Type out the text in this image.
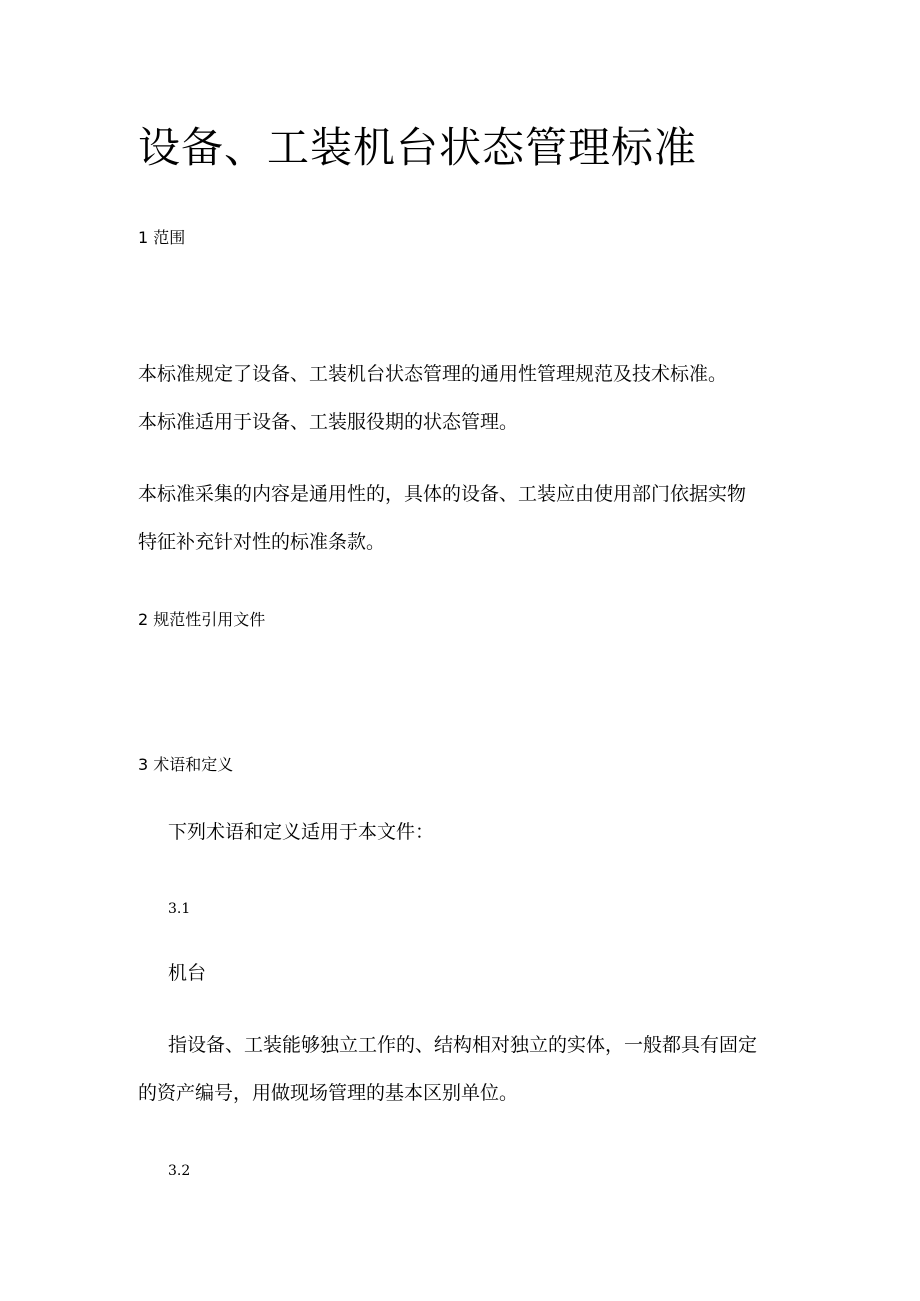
设备、工装机台状态管理标准
1 范围
本标准规定了设备、工装机台状态管理的通用性管理规范及技术标准。
本标准适用于设备、工装服役期的状态管理。
本标准采集的内容是通用性的，具体的设备、工装应由使用部门依据实物
特征补充针对性的标准条款。
2 规范性引用文件
3 术语和定义
下列术语和定义适用于本文件：
3.1
机台
指设备、工装能够独立工作的、结构相对独立的实体，一般都具有固定
的资产编号，用做现场管理的基本区别单位。
3.2
